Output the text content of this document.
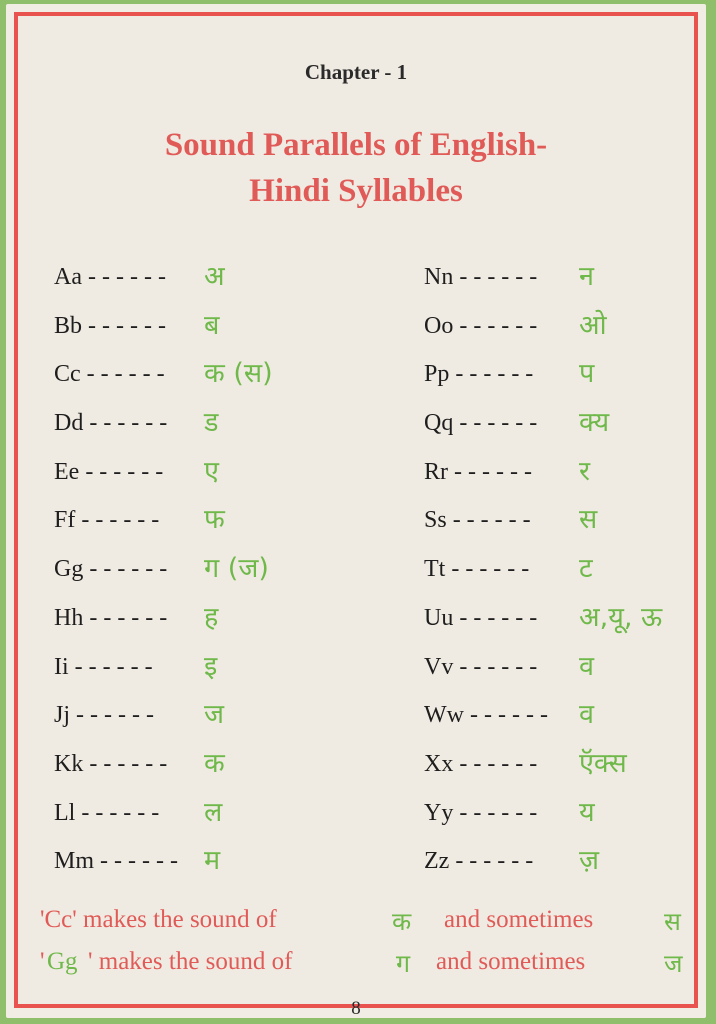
Chapter - 1
Sound Parallels of English-
Hindi Syllables
Aa - - - - - - अ
Bb - - - - - - ब
Cc - - - - - - क (स)
Dd - - - - - - ड
Ee - - - - - - ए
Ff - - - - - - फ
Gg - - - - - - ग (ज)
Hh - - - - - - ह
Ii - - - - - - इ
Jj - - - - - - ज
Kk - - - - - - क
Ll - - - - - - ल
Mm - - - - - - म
Nn - - - - - - न
Oo - - - - - - ओ
Pp - - - - - - प
Qq - - - - - - क्य
Rr - - - - - - र
Ss - - - - - - स
Tt - - - - - - ट
Uu - - - - - - अ,यू, ऊ
Vv - - - - - - व
Ww - - - - - - व
Xx - - - - - - ऍक्स
Yy - - - - - - य
Zz - - - - - - ज़
'Cc' makes the sound of	क and sometimes	स
' Gg ' makes the sound of	ग and sometimes	ज
8
